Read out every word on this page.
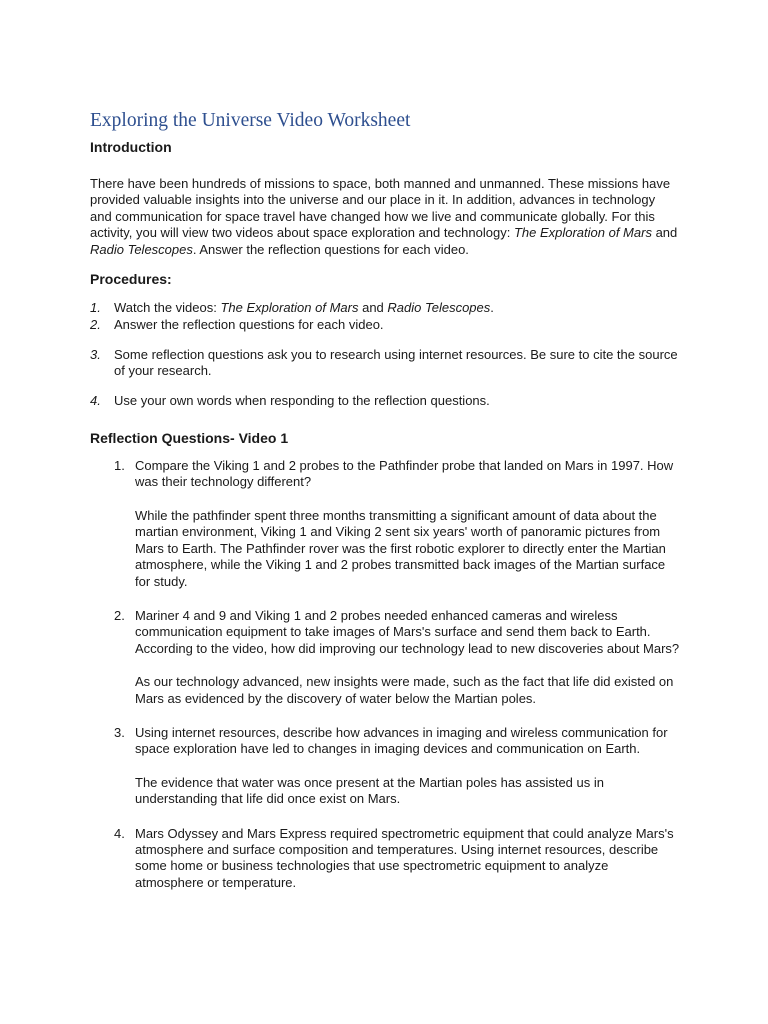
Exploring the Universe Video Worksheet
Introduction

There have been hundreds of missions to space, both manned and unmanned. These missions have provided valuable insights into the universe and our place in it. In addition, advances in technology and communication for space travel have changed how we live and communicate globally. For this activity, you will view two videos about space exploration and technology: The Exploration of Mars and Radio Telescopes. Answer the reflection questions for each video.

Procedures:
1. Watch the videos: The Exploration of Mars and Radio Telescopes.
2. Answer the reflection questions for each video.
3. Some reflection questions ask you to research using internet resources. Be sure to cite the source of your research.
4. Use your own words when responding to the reflection questions.
Reflection Questions- Video 1
1. Compare the Viking 1 and 2 probes to the Pathfinder probe that landed on Mars in 1997. How was their technology different?
While the pathfinder spent three months transmitting a significant amount of data about the martian environment, Viking 1 and Viking 2 sent six years' worth of panoramic pictures from Mars to Earth. The Pathfinder rover was the first robotic explorer to directly enter the Martian atmosphere, while the Viking 1 and 2 probes transmitted back images of the Martian surface for study.
2. Mariner 4 and 9 and Viking 1 and 2 probes needed enhanced cameras and wireless communication equipment to take images of Mars's surface and send them back to Earth. According to the video, how did improving our technology lead to new discoveries about Mars?
As our technology advanced, new insights were made, such as the fact that life did existed on Mars as evidenced by the discovery of water below the Martian poles.
3. Using internet resources, describe how advances in imaging and wireless communication for space exploration have led to changes in imaging devices and communication on Earth.
The evidence that water was once present at the Martian poles has assisted us in understanding that life did once exist on Mars.
4. Mars Odyssey and Mars Express required spectrometric equipment that could analyze Mars's atmosphere and surface composition and temperatures. Using internet resources, describe some home or business technologies that use spectrometric equipment to analyze atmosphere or temperature.
